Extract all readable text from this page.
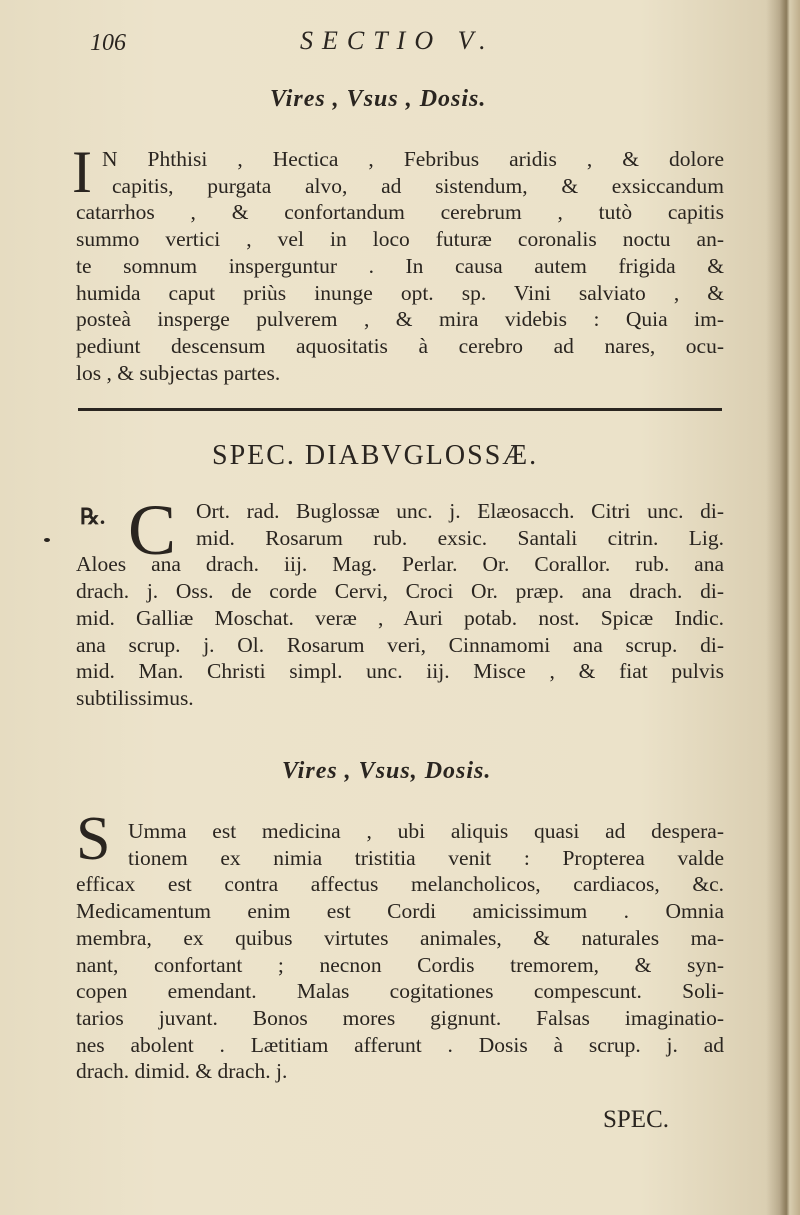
106	SECTIO V.
Vires , Vsus , Dosis.
I N Phthisi , Hectica , Febribus aridis , & dolore
capitis, purgata alvo, ad sistendum, & exsiccandum
catarrhos , & confortandum cerebrum , tutò capitis
summo vertici , vel in loco futuræ coronalis noctu an-
te somnum insperguntur . In causa autem frigida &
humida caput priùs inunge opt. sp. Vini salviato , &
posteà insperge pulverem , & mira videbis : Quia im-
pediunt descensum aquositatis à cerebro ad nares, ocu-
los , & subjectas partes.
SPEC. DIABVGLOSSÆ.
℞. C Ort. rad. Buglossæ unc. j. Elæosacch. Citri unc. di-
mid. Rosarum rub. exsic. Santali citrin. Lig.
Aloes ana drach. iij. Mag. Perlar. Or. Corallor. rub. ana
drach. j. Oss. de corde Cervi, Croci Or. præp. ana drach. di-
mid. Galliæ Moschat. veræ , Auri potab. nost. Spicæ Indic.
ana scrup. j. Ol. Rosarum veri, Cinnamomi ana scrup. di-
mid. Man. Christi simpl. unc. iij. Misce , & fiat pulvis
subtilissimus.
Vires , Vsus, Dosis.
S Umma est medicina , ubi aliquis quasi ad despera-
tionem ex nimia tristitia venit : Propterea valde
efficax est contra affectus melancholicos, cardiacos, &c.
Medicamentum enim est Cordi amicissimum . Omnia
membra, ex quibus virtutes animales, & naturales ma-
nant, confortant ; necnon Cordis tremorem, & syn-
copen emendant. Malas cogitationes compescunt. Soli-
tarios juvant. Bonos mores gignunt. Falsas imaginatio-
nes abolent . Lætitiam afferunt . Dosis à scrup. j. ad
drach. dimid. & drach. j.
SPEC.
